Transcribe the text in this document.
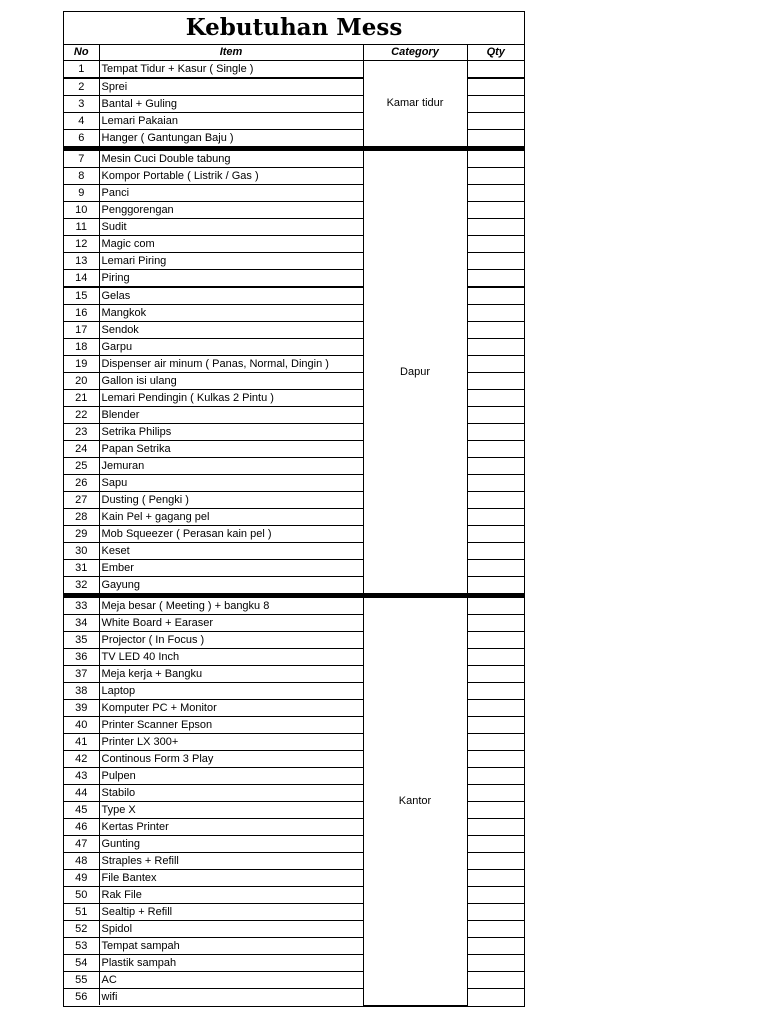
Kebutuhan Mess
No	Item	Category	Qty
1	Tempat Tidur + Kasur ( Single )	Kamar tidur	
2	Sprei		
3	Bantal + Guling		
4	Lemari Pakaian		
6	Hanger ( Gantungan Baju )		
7	Mesin Cuci Double tabung	Dapur	
8	Kompor Portable ( Listrik / Gas )		
9	Panci		
10	Penggorengan		
11	Sudit		
12	Magic com		
13	Lemari Piring		
14	Piring		
15	Gelas		
16	Mangkok		
17	Sendok		
18	Garpu		
19	Dispenser air minum ( Panas, Normal, Dingin )		
20	Gallon isi ulang		
21	Lemari Pendingin ( Kulkas 2 Pintu )		
22	Blender		
23	Setrika Philips		
24	Papan Setrika		
25	Jemuran		
26	Sapu		
27	Dusting ( Pengki )		
28	Kain Pel + gagang pel		
29	Mob Squeezer ( Perasan kain pel )		
30	Keset		
31	Ember		
32	Gayung		
33	Meja besar ( Meeting ) + bangku 8	Kantor	
34	White Board + Earaser		
35	Projector ( In Focus )		
36	TV LED 40 Inch		
37	Meja kerja + Bangku		
38	Laptop		
39	Komputer PC + Monitor		
40	Printer Scanner Epson		
41	Printer LX 300+		
42	Continous Form 3 Play		
43	Pulpen		
44	Stabilo		
45	Type X		
46	Kertas Printer		
47	Gunting		
48	Straples + Refill		
49	File Bantex		
50	Rak File		
51	Sealtip + Refill		
52	Spidol		
53	Tempat sampah		
54	Plastik sampah		
55	AC		
56	wifi		
